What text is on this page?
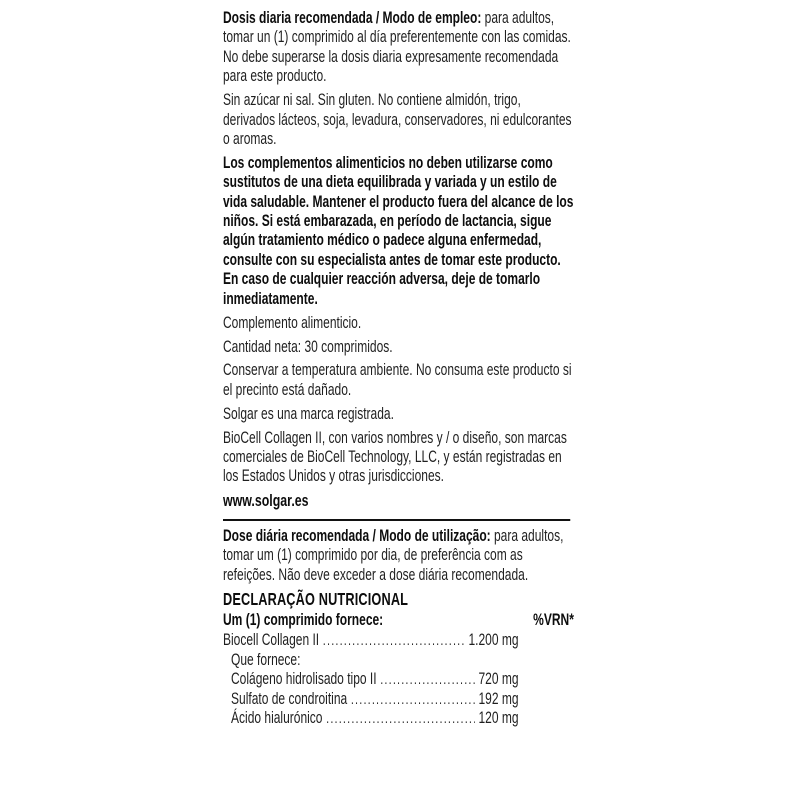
Dosis diaria recomendada / Modo de empleo: para adultos, tomar un (1) comprimido al día preferentemente con las comidas. No debe superarse la dosis diaria expresamente recomendada para este producto.

Sin azúcar ni sal. Sin gluten. No contiene almidón, trigo, derivados lácteos, soja, levadura, conservadores, ni edulcorantes o aromas.

Los complementos alimenticios no deben utilizarse como sustitutos de una dieta equilibrada y variada y un estilo de vida saludable. Mantener el producto fuera del alcance de los niños. Si está embarazada, en período de lactancia, sigue algún tratamiento médico o padece alguna enfermedad, consulte con su especialista antes de tomar este producto. En caso de cualquier reacción adversa, deje de tomarlo inmediatamente.

Complemento alimenticio.

Cantidad neta: 30 comprimidos.

Conservar a temperatura ambiente. No consuma este producto si el precinto está dañado.

Solgar es una marca registrada.

BioCell Collagen II, con varios nombres y / o diseño, son marcas comerciales de BioCell Technology, LLC, y están registradas en los Estados Unidos y otras jurisdicciones.

www.solgar.es

Dose diária recomendada / Modo de utilização: para adultos, tomar um (1) comprimido por dia, de preferência com as refeições. Não deve exceder a dose diária recomendada.

DECLARAÇÃO NUTRICIONAL
Um (1) comprimido fornece:	%VRN*
Biocell Collagen II .....	1.200 mg
Que fornece:
Colágeno hidrolisado tipo II .....	720 mg
Sulfato de condroitina .....	192 mg
Ácido hialurónico .....	120 mg
